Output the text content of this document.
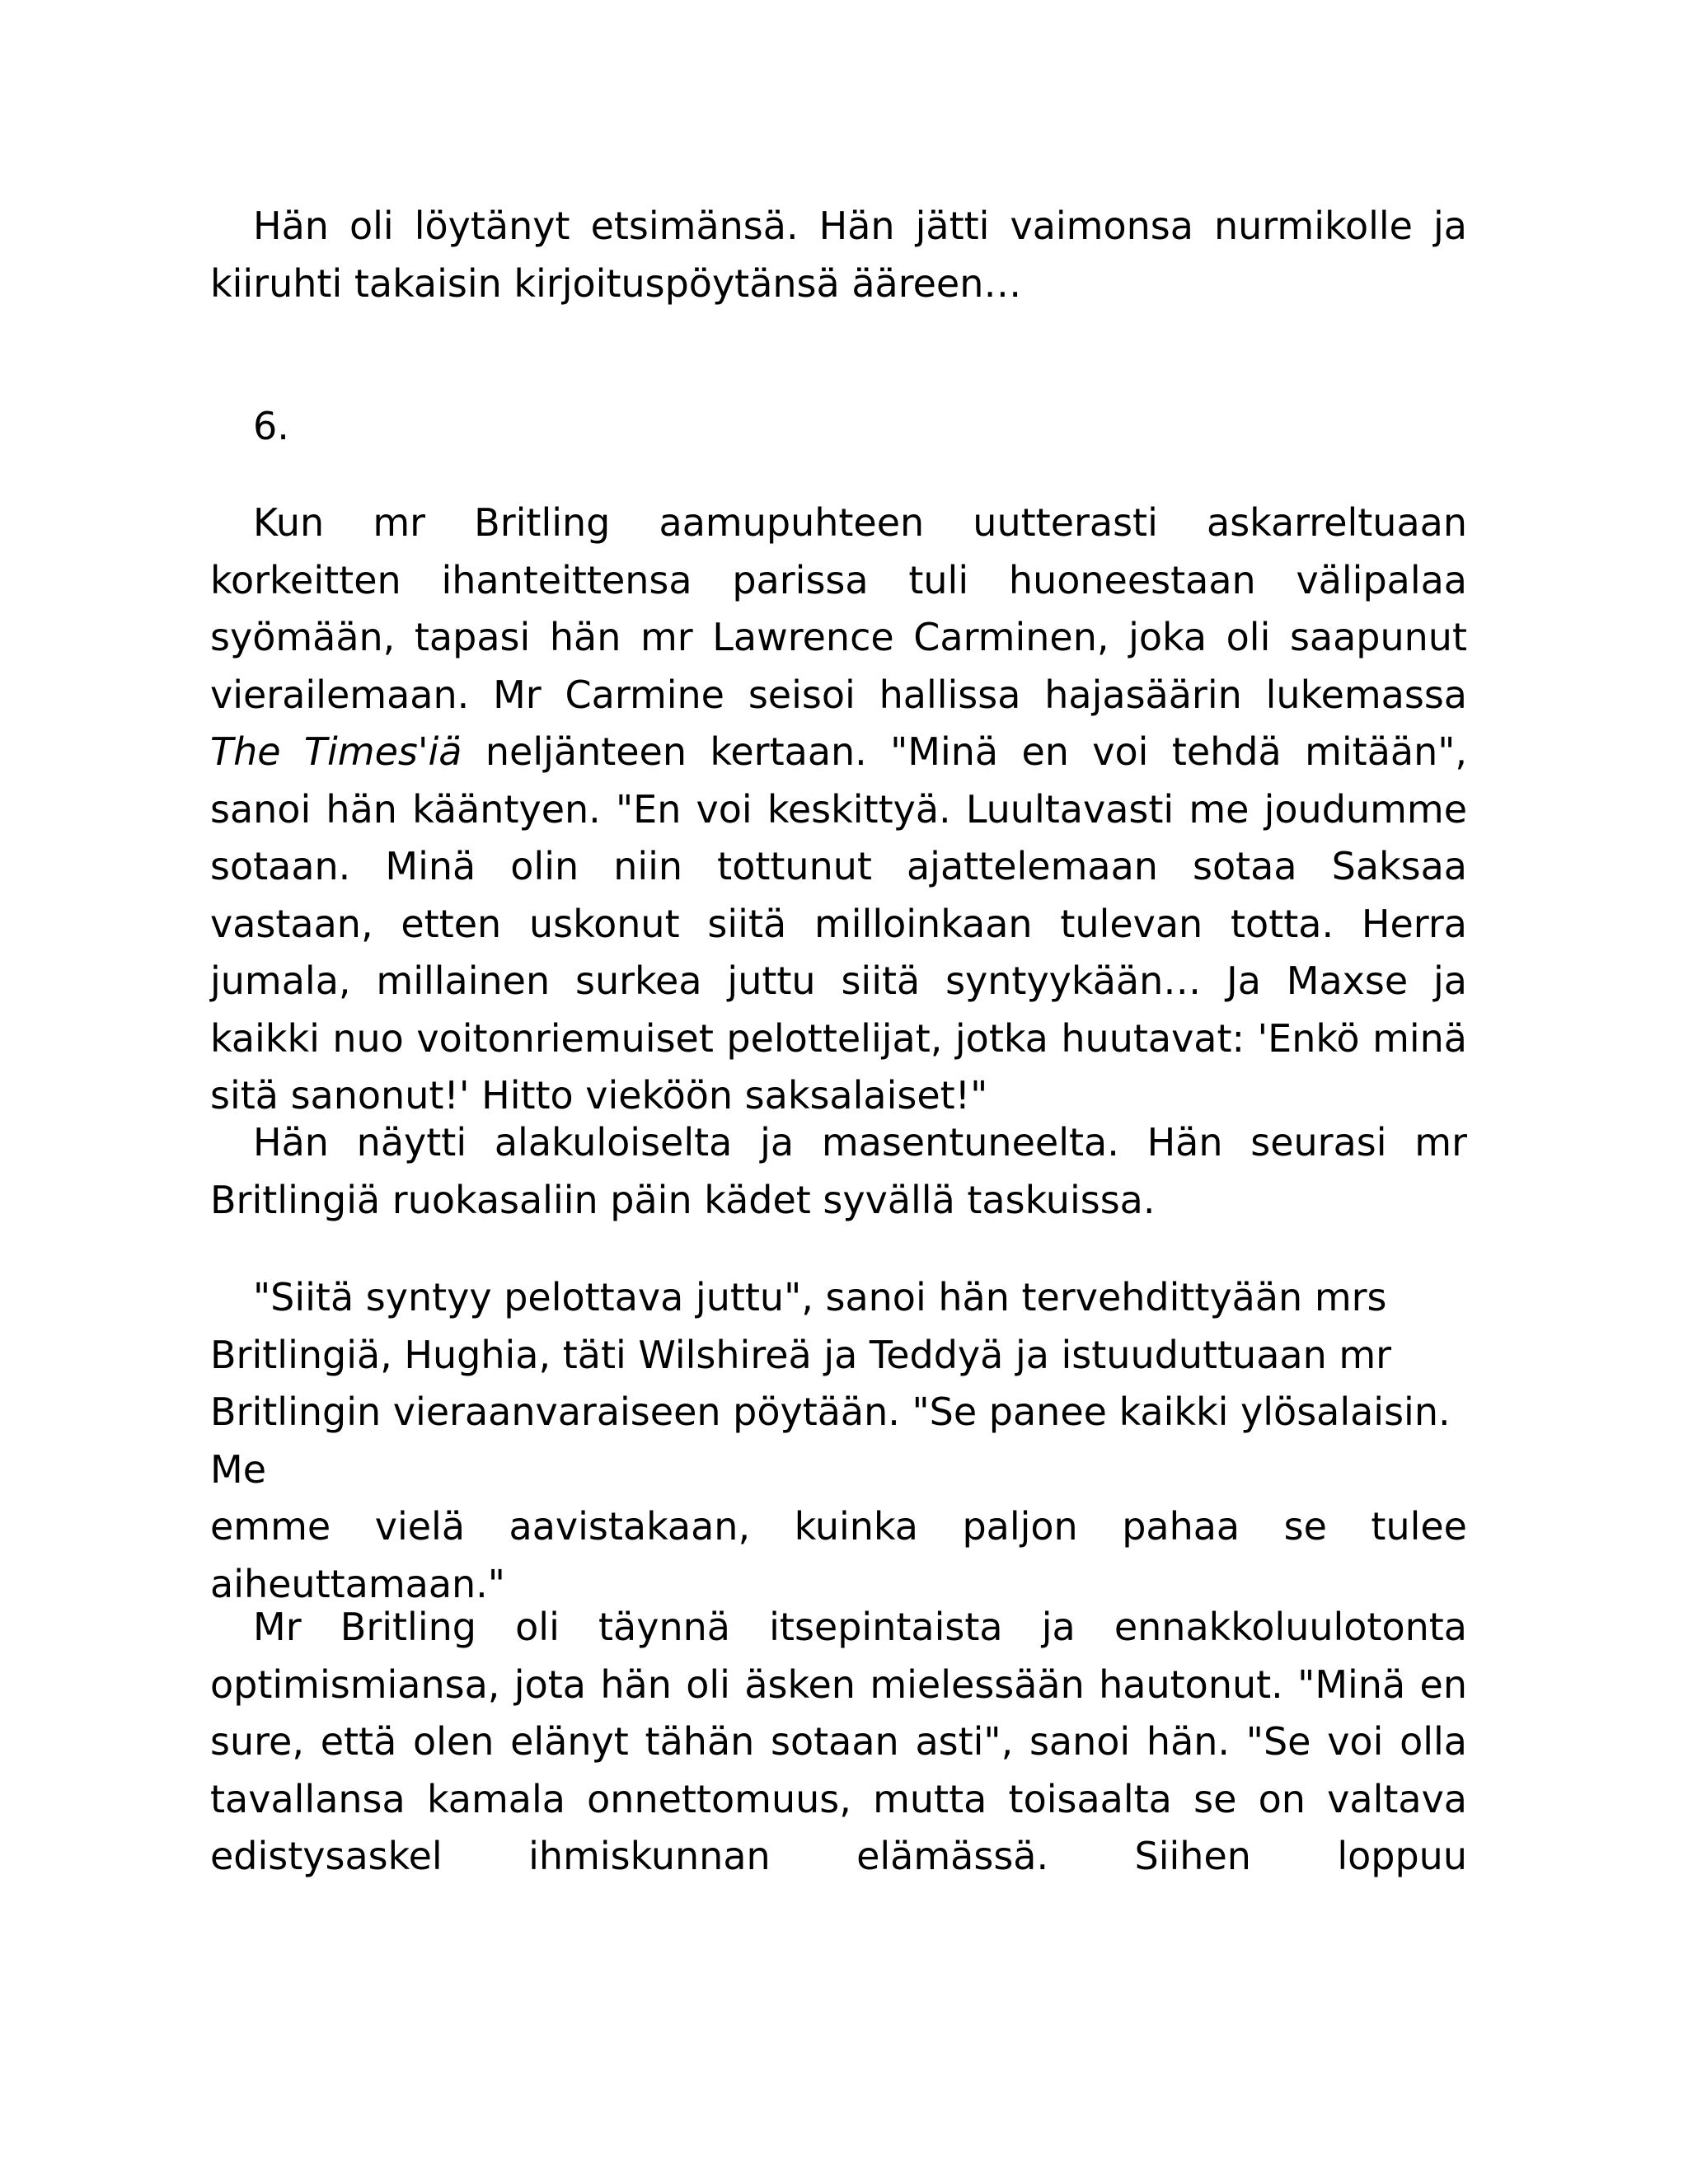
Hän oli löytänyt etsimänsä. Hän jätti vaimonsa nurmikolle ja kiiruhti takaisin kirjoituspöytänsä ääreen…

6.

Kun mr Britling aamupuhteen uutterasti askarreltuaan korkeitten ihanteittensa parissa tuli huoneestaan välipalaa syömään, tapasi hän mr Lawrence Carminen, joka oli saapunut vierailemaan. Mr Carmine seisoi hallissa hajasäärin lukemassa The Times'iä neljänteen kertaan. "Minä en voi tehdä mitään", sanoi hän kääntyen. "En voi keskittyä. Luultavasti me joudumme sotaan. Minä olin niin tottunut ajattelemaan sotaa Saksaa vastaan, etten uskonut siitä milloinkaan tulevan totta. Herra jumala, millainen surkea juttu siitä syntyykään… Ja Maxse ja kaikki nuo voitonriemuiset pelottelijat, jotka huutavat: 'Enkö minä sitä sanonut!' Hitto vieköön saksalaiset!"

Hän näytti alakuloiselta ja masentuneelta. Hän seurasi mr Britlingiä ruokasaliin päin kädet syvällä taskuissa.

"Siitä syntyy pelottava juttu", sanoi hän tervehdittyään mrs Britlingiä, Hughia, täti Wilshireä ja Teddyä ja istuuduttuaan mr Britlingin vieraanvaraiseen pöytään. "Se panee kaikki ylösalaisin. Me
emme vielä aavistakaan, kuinka paljon pahaa se tulee aiheuttamaan."

Mr Britling oli täynnä itsepintaista ja ennakkoluulotonta optimismiansa, jota hän oli äsken mielessään hautonut. "Minä en sure, että olen elänyt tähän sotaan asti", sanoi hän. "Se voi olla tavallansa kamala onnettomuus, mutta toisaalta se on valtava edistysaskel ihmiskunnan elämässä. Siihen loppuu
